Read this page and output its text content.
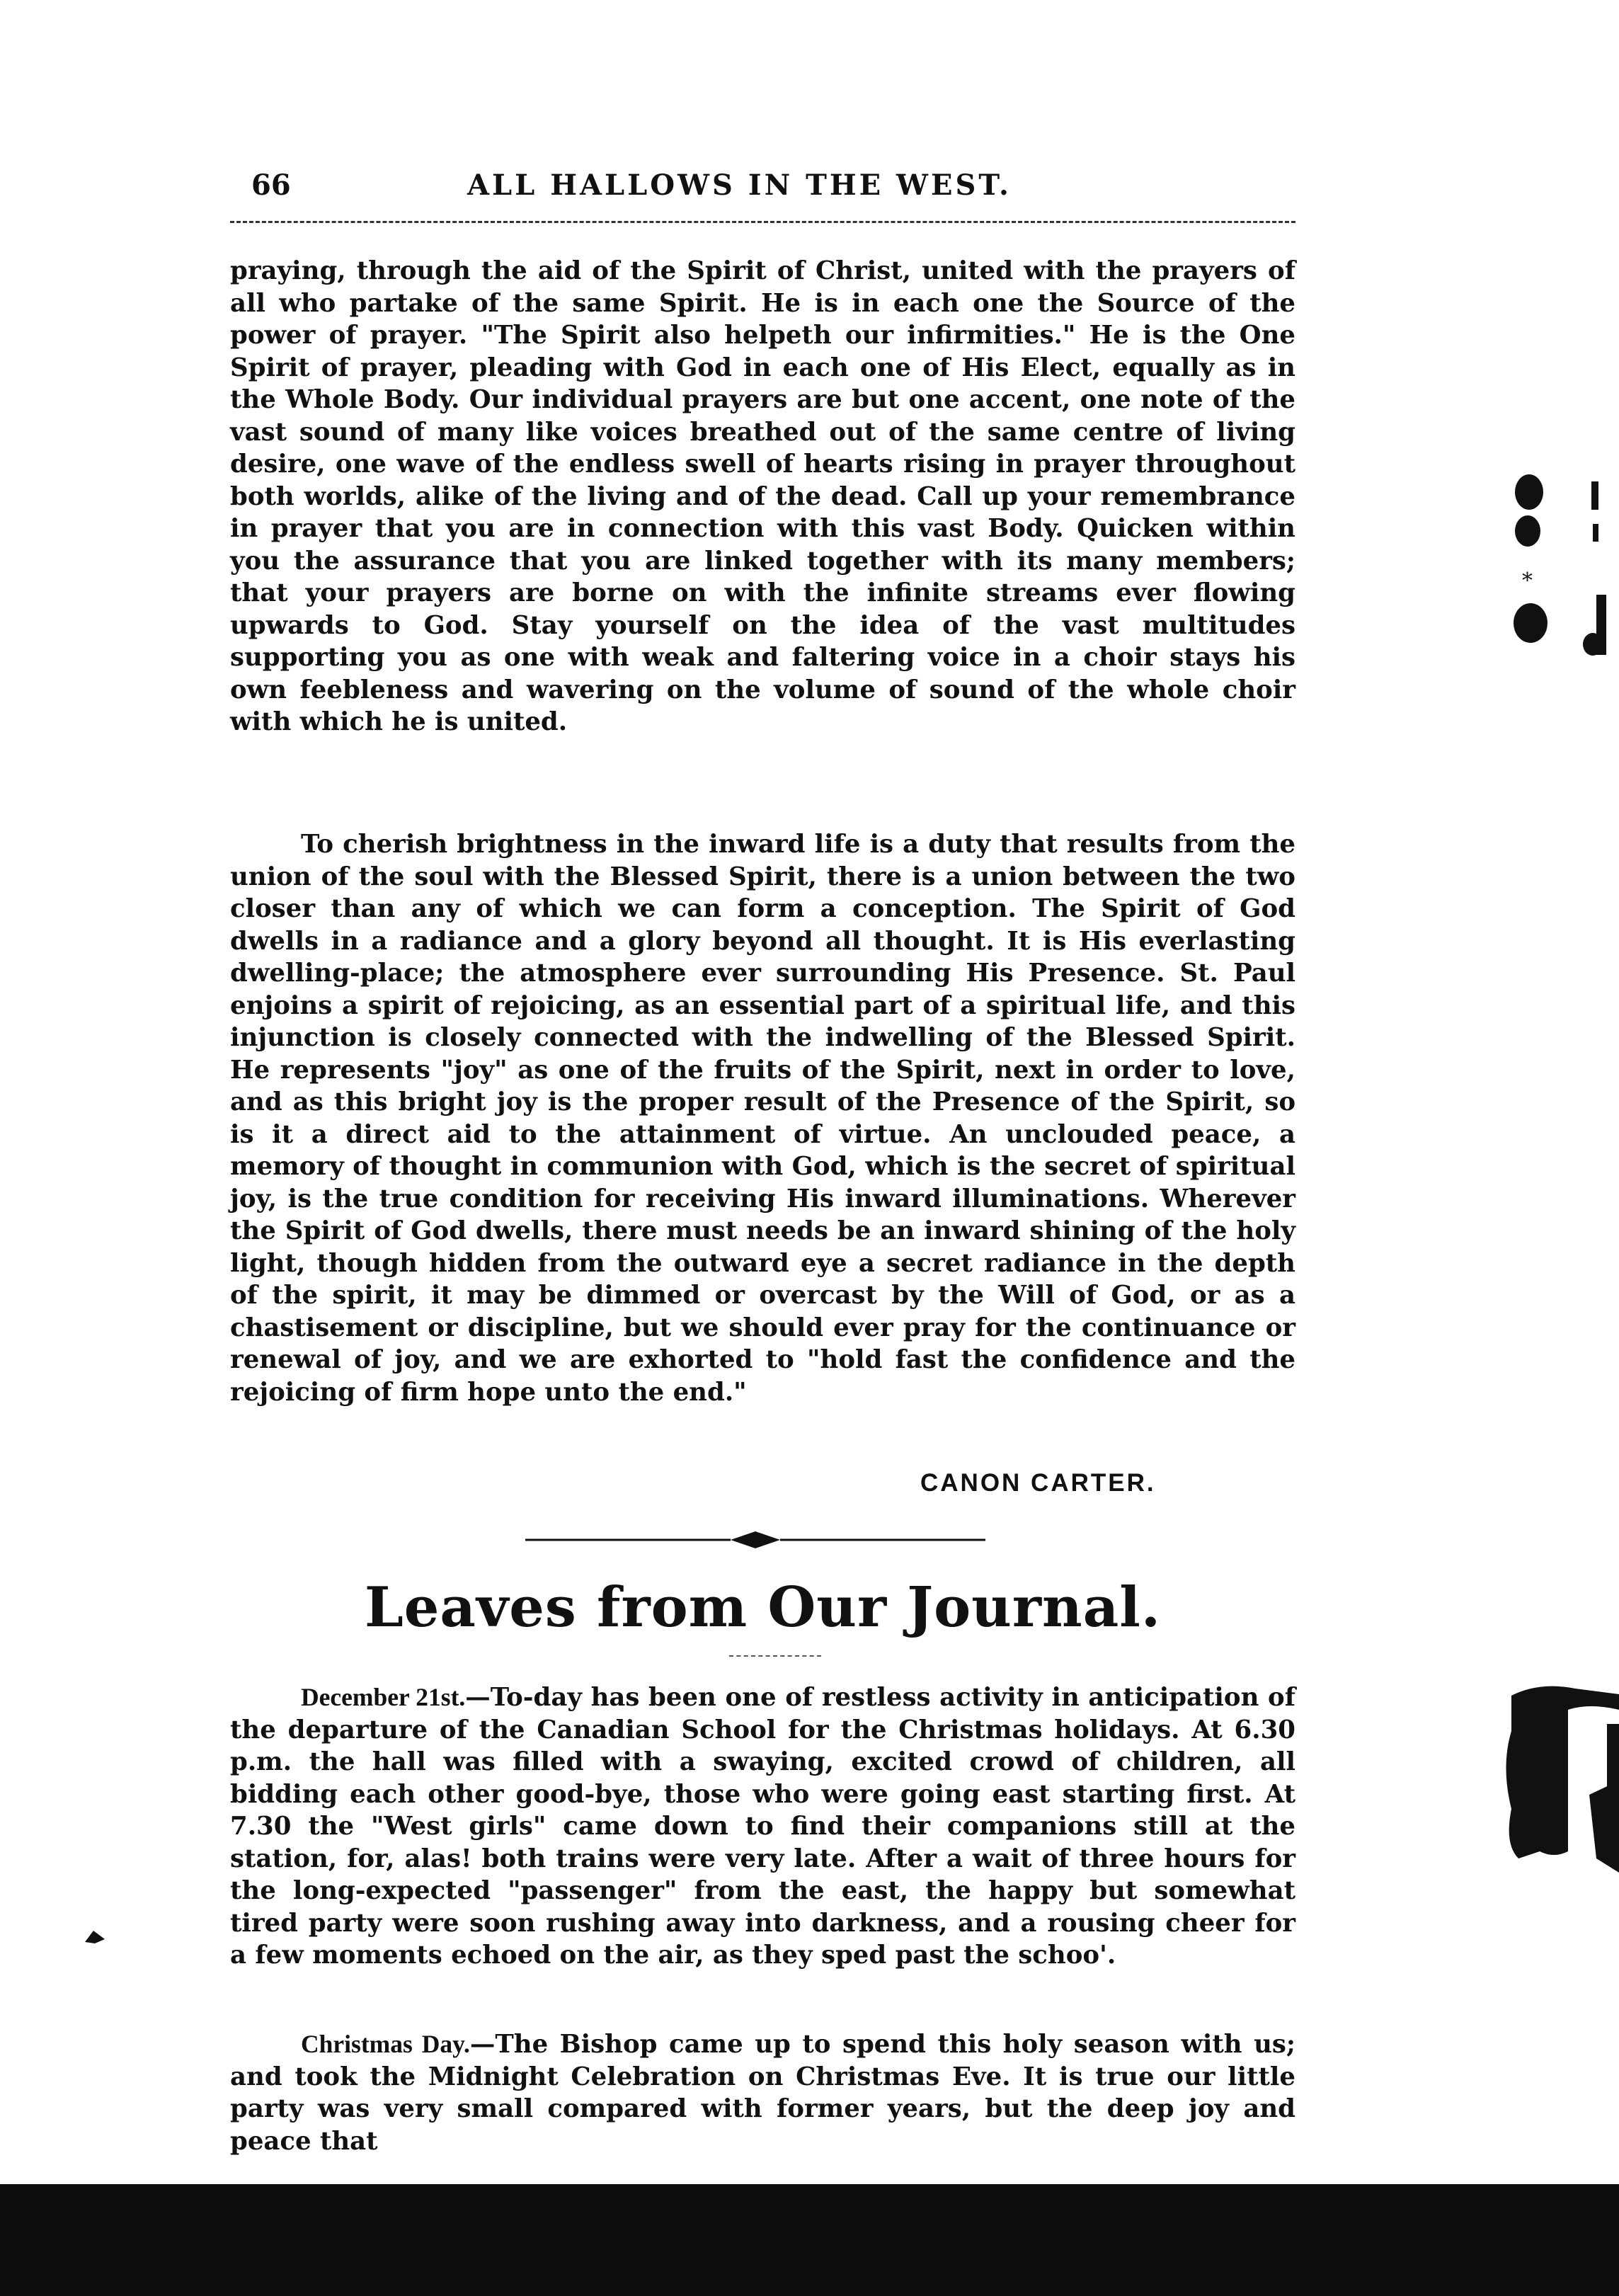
66	ALL HALLOWS IN THE WEST.

praying, through the aid of the Spirit of Christ, united with the prayers of all who partake of the same Spirit. He is in each one the Source of the power of prayer. "The Spirit also helpeth our infirmities." He is the One Spirit of prayer, pleading with God in each one of His Elect, equally as in the Whole Body. Our individual prayers are but one accent, one note of the vast sound of many like voices breathed out of the same centre of living desire, one wave of the endless swell of hearts rising in prayer throughout both worlds, alike of the living and of the dead. Call up your remembrance in prayer that you are in connection with this vast Body. Quicken within you the assurance that you are linked together with its many members; that your prayers are borne on with the infinite streams ever flowing upwards to God. Stay yourself on the idea of the vast multitudes supporting you as one with weak and faltering voice in a choir stays his own feebleness and wavering on the volume of sound of the whole choir with which he is united.

To cherish brightness in the inward life is a duty that results from the union of the soul with the Blessed Spirit, there is a union between the two closer than any of which we can form a conception. The Spirit of God dwells in a radiance and a glory beyond all thought. It is His everlasting dwelling-place; the atmosphere ever surrounding His Presence. St. Paul enjoins a spirit of rejoicing, as an essential part of a spiritual life, and this injunction is closely connected with the indwelling of the Blessed Spirit. He represents "joy" as one of the fruits of the Spirit, next in order to love, and as this bright joy is the proper result of the Presence of the Spirit, so is it a direct aid to the attainment of virtue. An unclouded peace, a memory of thought in communion with God, which is the secret of spiritual joy, is the true condition for receiving His inward illuminations. Wherever the Spirit of God dwells, there must needs be an inward shining of the holy light, though hidden from the outward eye a secret radiance in the depth of the spirit, it may be dimmed or overcast by the Will of God, or as a chastisement or discipline, but we should ever pray for the continuance or renewal of joy, and we are exhorted to "hold fast the confidence and the rejoicing of firm hope unto the end."

CANON CARTER.
Leaves from Our Journal.

December 21st.—To-day has been one of restless activity in anticipation of the departure of the Canadian School for the Christmas holidays. At 6.30 p.m. the hall was filled with a swaying, excited crowd of children, all bidding each other good-bye, those who were going east starting first. At 7.30 the "West girls" came down to find their companions still at the station, for, alas! both trains were very late. After a wait of three hours for the long-expected "passenger" from the east, the happy but somewhat tired party were soon rushing away into darkness, and a rousing cheer for a few moments echoed on the air, as they sped past the schoo'.

Christmas Day.—The Bishop came up to spend this holy season with us; and took the Midnight Celebration on Christmas Eve. It is true our little party was very small compared with former years, but the deep joy and peace that

*
